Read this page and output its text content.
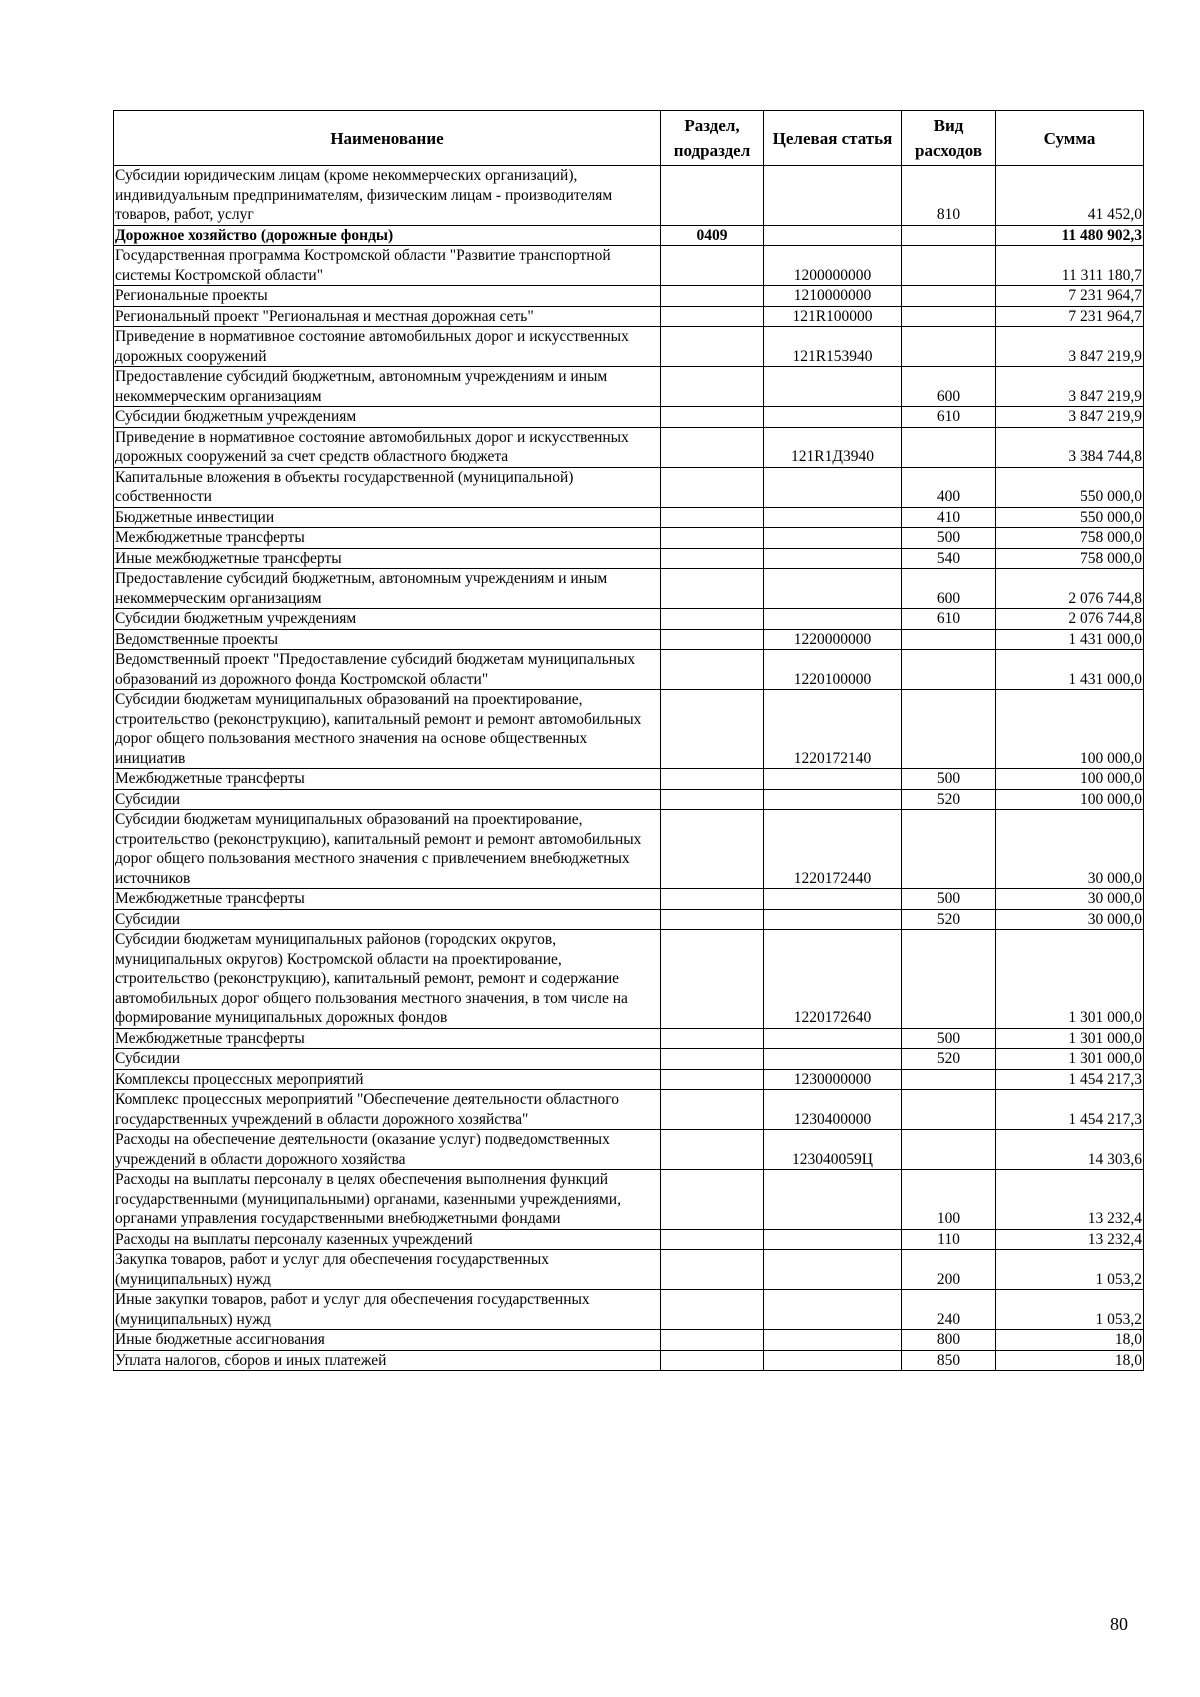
Наименование	Раздел, подраздел	Целевая статья	Вид расходов	Сумма
Субсидии юридическим лицам (кроме некоммерческих организаций), индивидуальным предпринимателям, физическим лицам - производителям товаров, работ, услуг			810	41 452,0
Дорожное хозяйство (дорожные фонды)	0409			11 480 902,3
Государственная программа Костромской области "Развитие транспортной системы Костромской области"		1200000000		11 311 180,7
Региональные проекты		1210000000		7 231 964,7
Региональный проект "Региональная и местная дорожная сеть"		121R100000		7 231 964,7
Приведение в нормативное состояние автомобильных дорог и искусственных дорожных сооружений		121R153940		3 847 219,9
Предоставление субсидий бюджетным, автономным учреждениям и иным некоммерческим организациям			600	3 847 219,9
Субсидии бюджетным учреждениям			610	3 847 219,9
Приведение в нормативное состояние автомобильных дорог и искусственных дорожных сооружений за счет средств областного бюджета		121R1Д3940		3 384 744,8
Капитальные вложения в объекты государственной (муниципальной) собственности			400	550 000,0
Бюджетные инвестиции			410	550 000,0
Межбюджетные трансферты			500	758 000,0
Иные межбюджетные трансферты			540	758 000,0
Предоставление субсидий бюджетным, автономным учреждениям и иным некоммерческим организациям			600	2 076 744,8
Субсидии бюджетным учреждениям			610	2 076 744,8
Ведомственные проекты		1220000000		1 431 000,0
Ведомственный проект "Предоставление субсидий бюджетам муниципальных образований из дорожного фонда Костромской области"		1220100000		1 431 000,0
Субсидии бюджетам муниципальных образований на проектирование, строительство (реконструкцию), капитальный ремонт и ремонт автомобильных дорог общего пользования местного значения на основе общественных инициатив		1220172140		100 000,0
Межбюджетные трансферты			500	100 000,0
Субсидии			520	100 000,0
Субсидии бюджетам муниципальных образований на проектирование, строительство (реконструкцию), капитальный ремонт и ремонт автомобильных дорог общего пользования местного значения с привлечением внебюджетных источников		1220172440		30 000,0
Межбюджетные трансферты			500	30 000,0
Субсидии			520	30 000,0
Субсидии бюджетам муниципальных районов (городских округов, муниципальных округов) Костромской области на проектирование, строительство (реконструкцию), капитальный ремонт, ремонт и содержание автомобильных дорог общего пользования местного значения, в том числе на формирование муниципальных дорожных фондов		1220172640		1 301 000,0
Межбюджетные трансферты			500	1 301 000,0
Субсидии			520	1 301 000,0
Комплексы процессных мероприятий		1230000000		1 454 217,3
Комплекс процессных мероприятий "Обеспечение деятельности областного государственных учреждений в области дорожного хозяйства"		1230400000		1 454 217,3
Расходы на обеспечение деятельности (оказание услуг) подведомственных учреждений в области дорожного хозяйства		123040059Ц		14 303,6
Расходы на выплаты персоналу в целях обеспечения выполнения функций государственными (муниципальными) органами, казенными учреждениями, органами управления государственными внебюджетными фондами			100	13 232,4
Расходы на выплаты персоналу казенных учреждений			110	13 232,4
Закупка товаров, работ и услуг для обеспечения государственных (муниципальных) нужд			200	1 053,2
Иные закупки товаров, работ и услуг для обеспечения государственных (муниципальных) нужд			240	1 053,2
Иные бюджетные ассигнования			800	18,0
Уплата налогов, сборов и иных платежей			850	18,0
80
